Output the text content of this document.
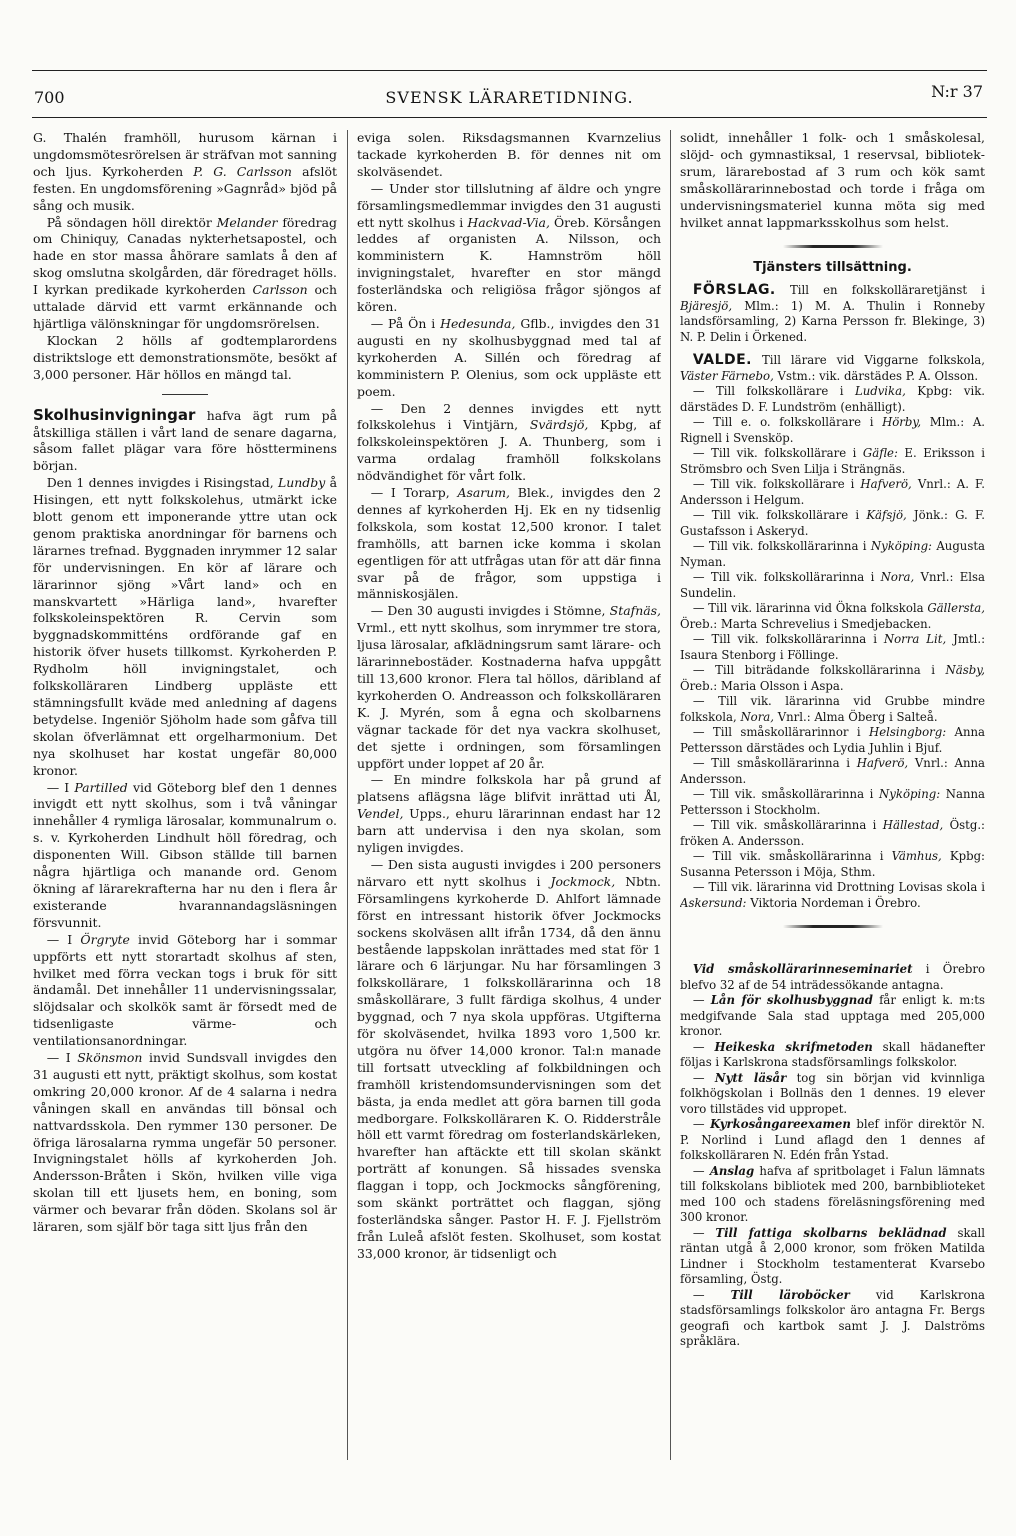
700	SVENSK LÄRARETIDNING.	N:r 37

G. Thalén framhöll, hurusom kärnan i ungdomsmötesrörelsen är sträfvan mot sanning och ljus. Kyrkoherden P. G. Carlsson afslöt festen. En ungdomsförening »Gagnråd» bjöd på sång och musik.

På söndagen höll direktör Melander föredrag om Chiniquy, Canadas nykterhetsapostel, och hade en stor massa åhörare samlats å den af skog omslutna skolgården, där föredraget hölls. I kyrkan predikade kyrkoherden Carlsson och uttalade därvid ett varmt erkännande och hjärtliga välönskningar för ungdomsrörelsen.

Klockan 2 hölls af godtemplarordens distriktsloge ett demonstrationsmöte, besökt af 3,000 personer. Här höllos en mängd tal.

Skolhusinvigningar hafva ägt rum på åtskilliga ställen i vårt land de senare dagarna, såsom fallet plägar vara före höstterminens början.

Den 1 dennes invigdes i Risingstad, Lundby å Hisingen, ett nytt folkskolehus, utmärkt icke blott genom ett imponerande yttre utan ock genom praktiska anordningar för barnens och lärarnes trefnad. Byggnaden inrymmer 12 salar för undervisningen. En kör af lärare och lärarinnor sjöng »Vårt land» och en manskvartett »Härliga land», hvarefter folkskoleinspektören R. Cervin som byggnadskommitténs ordförande gaf en historik öfver husets tillkomst. Kyrkoherden P. Rydholm höll invigningstalet, och folkskolläraren Lindberg uppläste ett stämningsfullt kväde med anledning af dagens betydelse. Ingeniör Sjöholm hade som gåfva till skolan öfverlämnat ett orgelharmonium. Det nya skolhuset har kostat ungefär 80,000 kronor.

— I Partilled vid Göteborg blef den 1 dennes invigdt ett nytt skolhus, som i två våningar innehåller 4 rymliga lärosalar, kommunalrum o. s. v. Kyrkoherden Lindhult höll föredrag, och disponenten Will. Gibson ställde till barnen några hjärtliga och manande ord. Genom ökning af lärarekrafterna har nu den i flera år existerande hvarannandagsläsningen försvunnit.

— I Örgryte invid Göteborg har i sommar uppförts ett nytt storartadt skolhus af sten, hvilket med förra veckan togs i bruk för sitt ändamål. Det innehåller 11 undervisningssalar, slöjdsalar och skolkök samt är försedt med de tidsenligaste värme- och ventilationsanordningar.

— I Skönsmon invid Sundsvall invigdes den 31 augusti ett nytt, präktigt skolhus, som kostat omkring 20,000 kronor. Af de 4 salarna i nedra våningen skall en användas till bönsal och nattvardsskola. Den rymmer 130 personer. De öfriga lärosalarna rymma ungefär 50 personer. Invigningstalet hölls af kyrkoherden Joh. Andersson-Bråten i Skön, hvilken ville viga skolan till ett ljusets hem, en boning, som värmer och bevarar från döden. Skolans sol är läraren, som själf bör taga sitt ljus från den

eviga solen. Riksdagsmannen Kvarnzelius tackade kyrkoherden B. för dennes nit om skolväsendet.

— Under stor tillslutning af äldre och yngre församlingsmedlemmar invigdes den 31 augusti ett nytt skolhus i Hackvad-Via, Öreb. Körsången leddes af organisten A. Nilsson, och komministern K. Hamnström höll invigningstalet, hvarefter en stor mängd fosterländska och religiösa frågor sjöngos af kören.

— På Ön i Hedesunda, Gflb., invigdes den 31 augusti en ny skolhusbyggnad med tal af kyrkoherden A. Sillén och föredrag af komministern P. Olenius, som ock uppläste ett poem.

— Den 2 dennes invigdes ett nytt folkskolehus i Vintjärn, Svärdsjö, Kpbg, af folkskoleinspektören J. A. Thunberg, som i varma ordalag framhöll folkskolans nödvändighet för vårt folk.

— I Torarp, Asarum, Blek., invigdes den 2 dennes af kyrkoherden Hj. Ek en ny tidsenlig folkskola, som kostat 12,500 kronor. I talet framhölls, att barnen icke komma i skolan egentligen för att utfrågas utan för att där finna svar på de frågor, som uppstiga i människosjälen.

— Den 30 augusti invigdes i Stömne, Stafnäs, Vrml., ett nytt skolhus, som inrymmer tre stora, ljusa lärosalar, afklädningsrum samt lärare- och lärarinnebostäder. Kostnaderna hafva uppgått till 13,600 kronor. Flera tal höllos, däribland af kyrkoherden O. Andreasson och folkskolläraren K. J. Myrén, som å egna och skolbarnens vägnar tackade för det nya vackra skolhuset, det sjette i ordningen, som församlingen uppfört under loppet af 20 år.

— En mindre folkskola har på grund af platsens aflägsna läge blifvit inrättad uti Ål, Vendel, Upps., ehuru lärarinnan endast har 12 barn att undervisa i den nya skolan, som nyligen invigdes.

— Den sista augusti invigdes i 200 personers närvaro ett nytt skolhus i Jockmock, Nbtn. Församlingens kyrkoherde D. Ahlfort lämnade först en intressant historik öfver Jockmocks sockens skolväsen allt ifrån 1734, då den ännu bestående lappskolan inrättades med stat för 1 lärare och 6 lärjungar. Nu har församlingen 3 folkskollärare, 1 folkskollärarinna och 18 småskollärare, 3 fullt färdiga skolhus, 4 under byggnad, och 7 nya skola uppföras. Utgifterna för skolväsendet, hvilka 1893 voro 1,500 kr. utgöra nu öfver 14,000 kronor. Tal:n manade till fortsatt utveckling af folkbildningen och framhöll kristendomsundervisningen som det bästa, ja enda medlet att göra barnen till goda medborgare. Folkskolläraren K. O. Ridderstråle höll ett varmt föredrag om fosterlandskärleken, hvarefter han aftäckte ett till skolan skänkt porträtt af konungen. Så hissades svenska flaggan i topp, och Jockmocks sångförening, som skänkt porträttet och flaggan, sjöng fosterländska sånger. Pastor H. F. J. Fjellström från Luleå afslöt festen. Skolhuset, som kostat 33,000 kronor, är tidsenligt och

solidt, innehåller 1 folk- och 1 småskolesal, slöjd- och gymnastiksal, 1 reservsal, biblioteksrum, lärarebostad af 3 rum och kök samt småskollärarinnebostad och torde i fråga om undervisningsmateriel kunna möta sig med hvilket annat lappmarksskolhus som helst.

Tjänsters tillsättning.

FÖRSLAG. Till en folkskolläraretjänst i Bjäresjö, Mlm.: 1) M. A. Thulin i Ronneby landsförsamling, 2) Karna Persson fr. Blekinge, 3) N. P. Delin i Örkened.

VALDE. Till lärare vid Viggarne folkskola, Väster Färnebo, Vstm.: vik. därstädes P. A. Olsson.

— Till folkskollärare i Ludvika, Kpbg: vik. därstädes D. F. Lundström (enhälligt).

— Till e. o. folkskollärare i Hörby, Mlm.: A. Rignell i Svensköp.

— Till vik. folkskollärare i Gäfle: E. Eriksson i Strömsbro och Sven Lilja i Strängnäs.

— Till vik. folkskollärare i Hafverö, Vnrl.: A. F. Andersson i Helgum.

— Till vik. folkskollärare i Käfsjö, Jönk.: G. F. Gustafsson i Askeryd.

— Till vik. folkskollärarinna i Nyköping: Augusta Nyman.

— Till vik. folkskollärarinna i Nora, Vnrl.: Elsa Sundelin.

— Till vik. lärarinna vid Ökna folkskola Gällersta, Öreb.: Marta Schrevelius i Smedjebacken.

— Till vik. folkskollärarinna i Norra Lit, Jmtl.: Isaura Stenborg i Föllinge.

— Till biträdande folkskollärarinna i Näsby, Öreb.: Maria Olsson i Aspa.

— Till vik. lärarinna vid Grubbe mindre folkskola, Nora, Vnrl.: Alma Öberg i Salteå.

— Till småskollärarinnor i Helsingborg: Anna Pettersson därstädes och Lydia Juhlin i Bjuf.

— Till småskollärarinna i Hafverö, Vnrl.: Anna Andersson.

— Till vik. småskollärarinna i Nyköping: Nanna Pettersson i Stockholm.

— Till vik. småskollärarinna i Hällestad, Östg.: fröken A. Andersson.

— Till vik. småskollärarinna i Vämhus, Kpbg: Susanna Petersson i Möja, Sthm.

— Till vik. lärarinna vid Drottning Lovisas skola i Askersund: Viktoria Nordeman i Örebro.

Vid småskollärarinneseminariet i Örebro blefvo 32 af de 54 inträdessökande antagna.

— Lån för skolhusbyggnad får enligt k. m:ts medgifvande Sala stad upptaga med 205,000 kronor.

— Heikeska skrifmetoden skall hädanefter följas i Karlskrona stadsförsamlings folkskolor.

— Nytt läsår tog sin början vid kvinnliga folkhögskolan i Bollnäs den 1 dennes. 19 elever voro tillstädes vid uppropet.

— Kyrkosångareexamen blef inför direktör N. P. Norlind i Lund aflagd den 1 dennes af folkskolläraren N. Edén från Ystad.

— Anslag hafva af spritbolaget i Falun lämnats till folkskolans bibliotek med 200, barnbiblioteket med 100 och stadens föreläsningsförening med 300 kronor.

— Till fattiga skolbarns beklädnad skall räntan utgå å 2,000 kronor, som fröken Matilda Lindner i Stockholm testamenterat Kvarsebo församling, Östg.

— Till läroböcker vid Karlskrona stadsförsamlings folkskolor äro antagna Fr. Bergs geografi och kartbok samt J. J. Dalströms språklära.
